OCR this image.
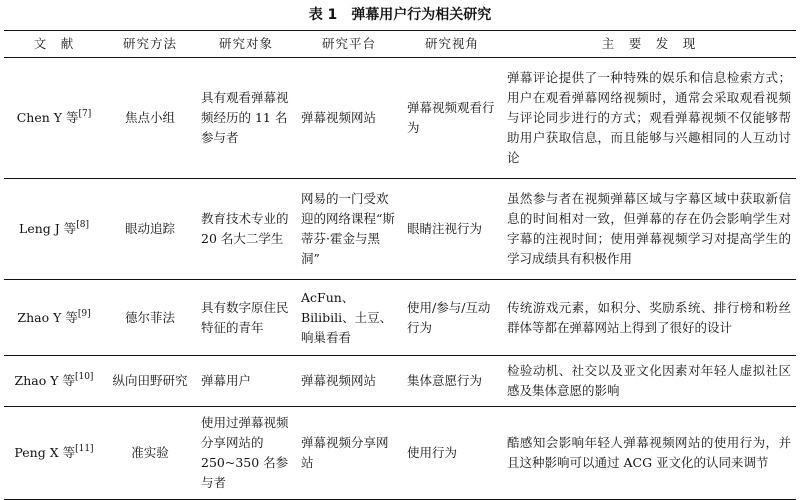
表 1 弹幕用户行为相关研究
文　献	研究方法	研究对象	研究平台	研究视角	主　要　发　现
Chen Y 等[7]	焦点小组	具有观看弹幕视频经历的 11 名参与者	弹幕视频网站	弹幕视频观看行为	弹幕评论提供了一种特殊的娱乐和信息检索方式；用户在观看弹幕网络视频时，通常会采取观看视频与评论同步进行的方式；观看弹幕视频不仅能够帮助用户获取信息，而且能够与兴趣相同的人互动讨论
Leng J 等[8]	眼动追踪	教育技术专业的 20 名大二学生	网易的一门受欢迎的网络课程“斯蒂芬·霍金与黑洞”	眼睛注视行为	虽然参与者在视频弹幕区域与字幕区域中获取新信息的时间相对一致，但弹幕的存在仍会影响学生对字幕的注视时间；使用弹幕视频学习对提高学生的学习成绩具有积极作用
Zhao Y 等[9]	德尔菲法	具有数字原住民特征的青年	AcFun、Bilibili、土豆、响巢看看	使用/参与/互动行为	传统游戏元素，如积分、奖励系统、排行榜和粉丝群体等都在弹幕网站上得到了很好的设计
Zhao Y 等[10]	纵向田野研究	弹幕用户	弹幕视频网站	集体意愿行为	检验动机、社交以及亚文化因素对年轻人虚拟社区感及集体意愿的影响
Peng X 等[11]	准实验	使用过弹幕视频分享网站的 250~350 名参与者	弹幕视频分享网站	使用行为	酷感知会影响年轻人弹幕视频网站的使用行为，并且这种影响可以通过 ACG 亚文化的认同来调节
